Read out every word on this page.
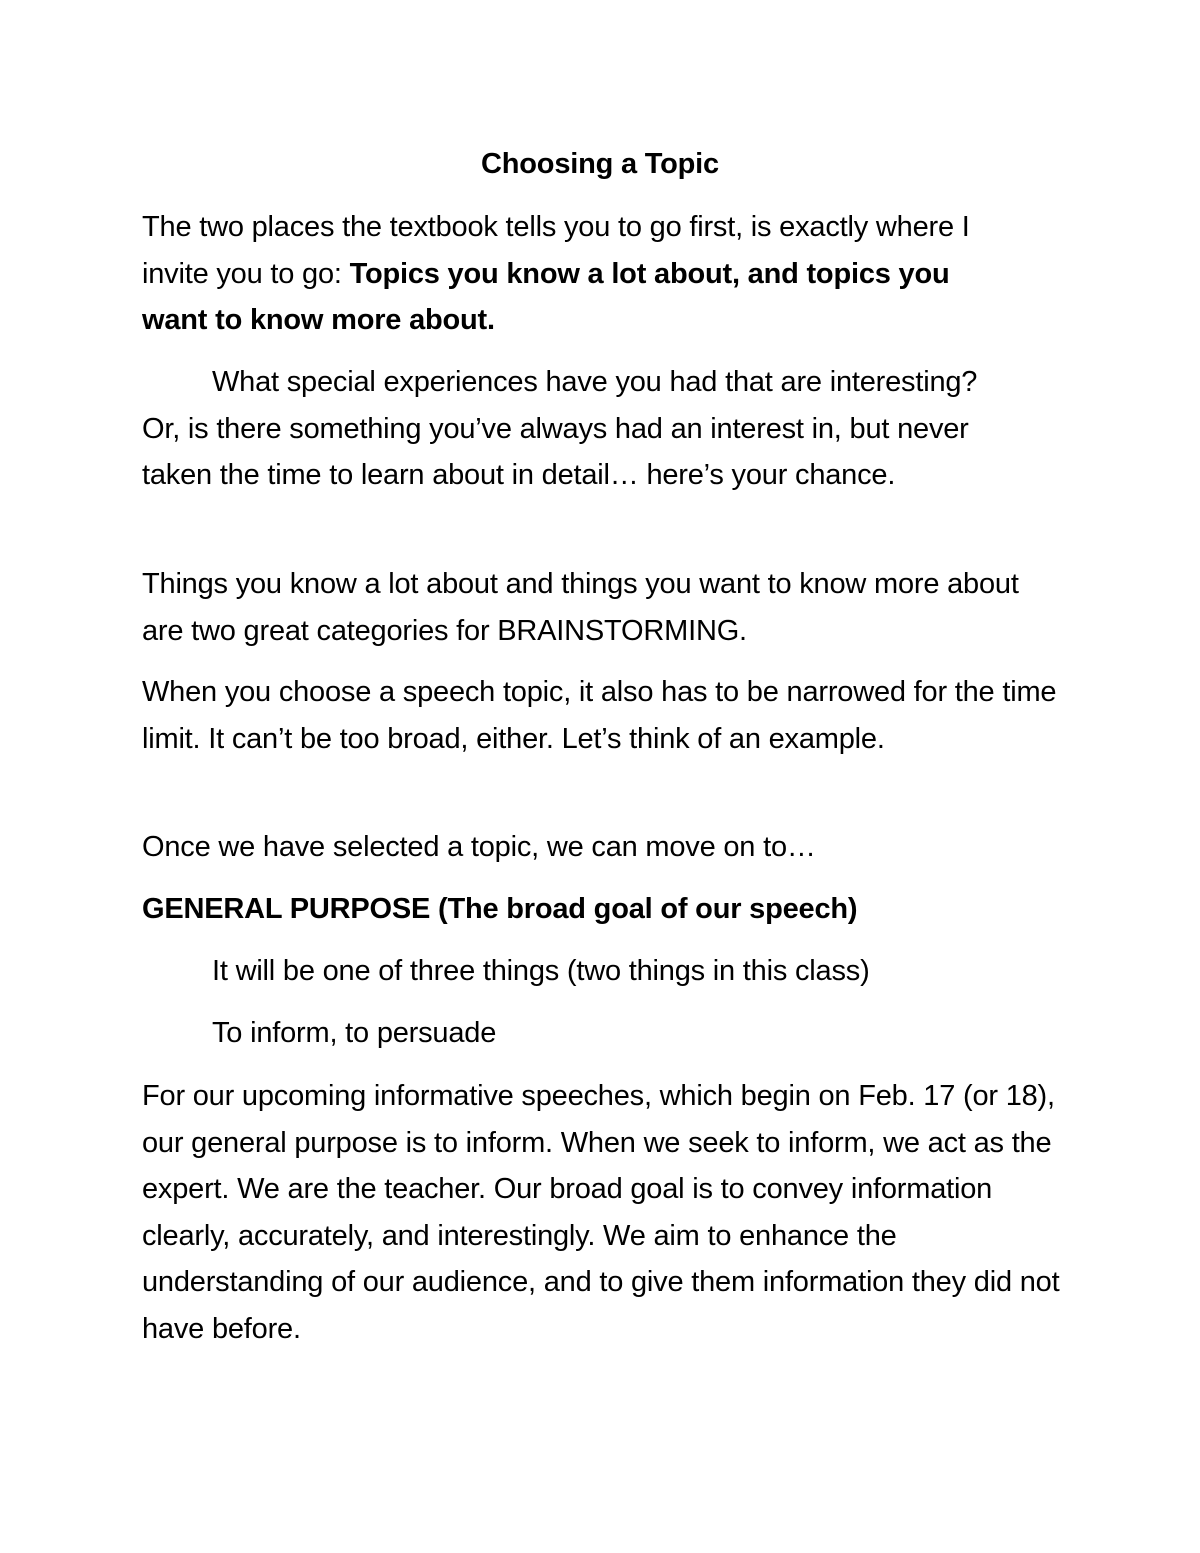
Choosing a Topic

The two places the textbook tells you to go first, is exactly where I invite you to go: Topics you know a lot about, and topics you want to know more about.

What special experiences have you had that are interesting? Or, is there something you’ve always had an interest in, but never taken the time to learn about in detail… here’s your chance.

Things you know a lot about and things you want to know more about are two great categories for BRAINSTORMING.

When you choose a speech topic, it also has to be narrowed for the time limit. It can’t be too broad, either. Let’s think of an example.

Once we have selected a topic, we can move on to…

GENERAL PURPOSE (The broad goal of our speech)

It will be one of three things (two things in this class)

To inform, to persuade

For our upcoming informative speeches, which begin on Feb. 17 (or 18), our general purpose is to inform. When we seek to inform, we act as the expert. We are the teacher. Our broad goal is to convey information clearly, accurately, and interestingly. We aim to enhance the understanding of our audience, and to give them information they did not have before.
